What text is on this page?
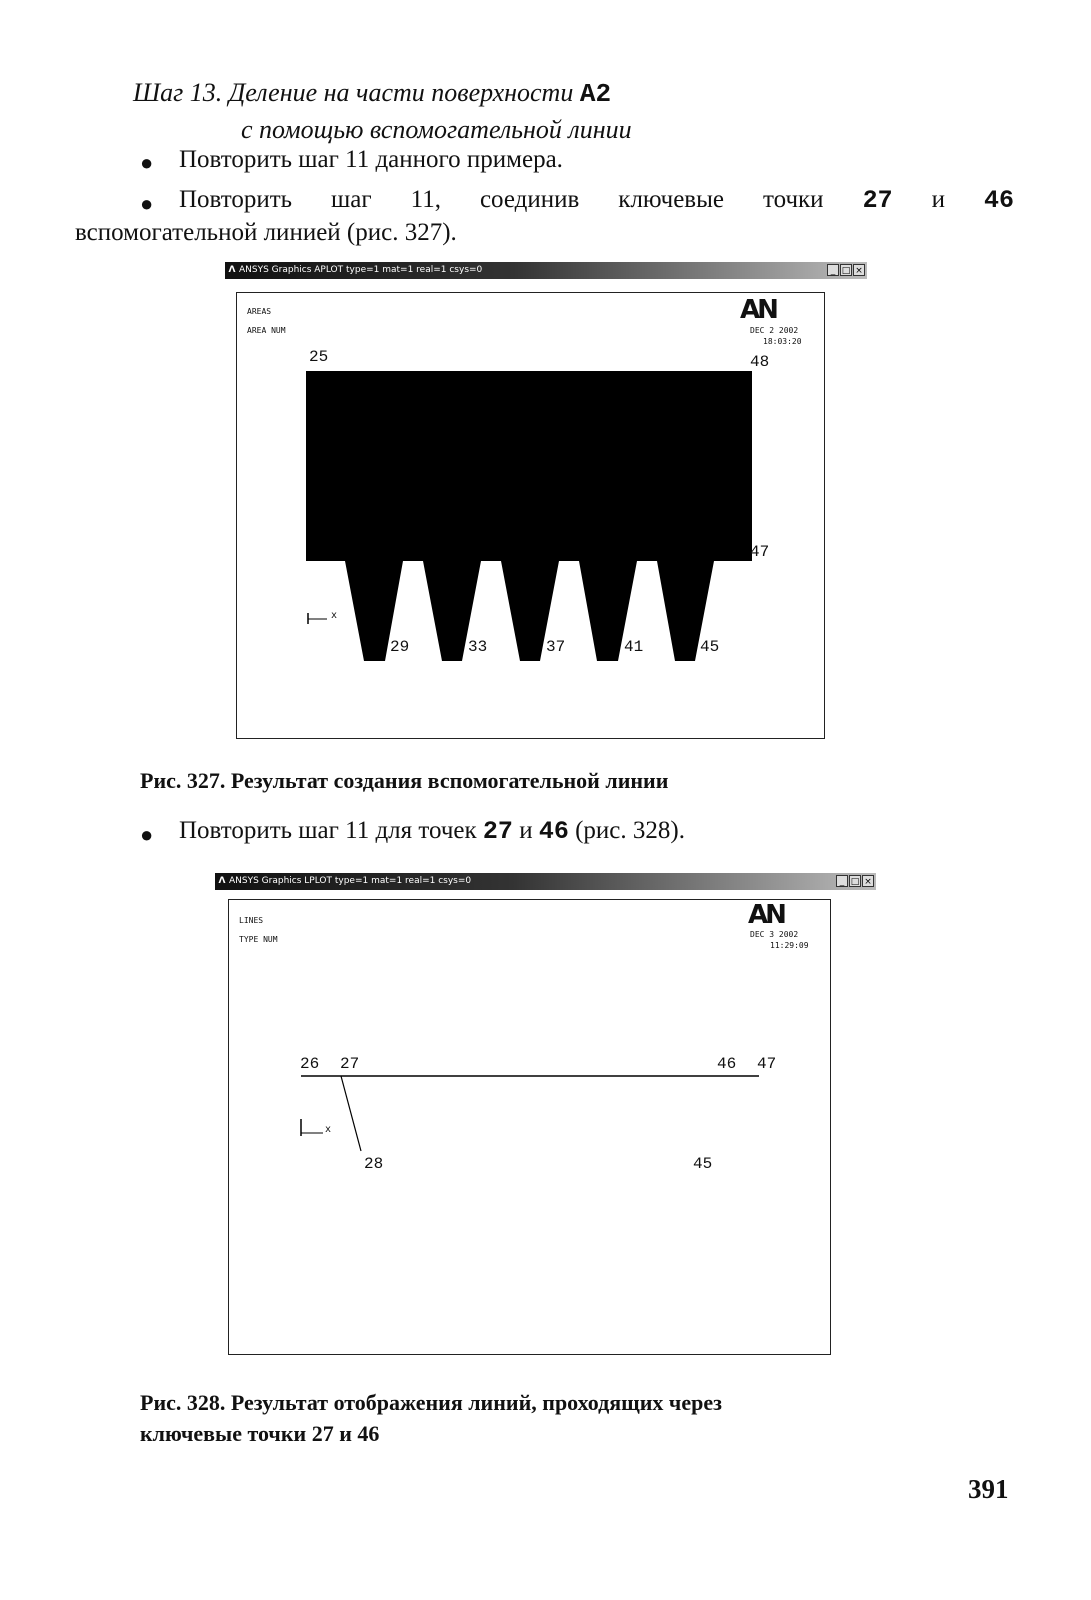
Шаг 13. Деление на части поверхности A2
с помощью вспомогательной линии
● Повторить шаг 11 данного примера.
● Повторить шаг 11, соединив ключевые точки 27 и 46
вспомогательной линией (рис. 327).
Λ ANSYS Graphics APLOT type=1 mat=1 real=1 csys=0	_ □ ×
AREAS
AREA NUM
AN
DEC 2 2002
18:03:20
25	48
47
29	33	37	41	45
x
Рис. 327. Результат создания вспомогательной линии
● Повторить шаг 11 для точек 27 и 46 (рис. 328).
Λ ANSYS Graphics LPLOT type=1 mat=1 real=1 csys=0	_ □ ×
LINES
TYPE NUM
AN
DEC 3 2002
11:29:09
26 27	46 47
28	45
x
Рис. 328. Результат отображения линий, проходящих через
ключевые точки 27 и 46
391
